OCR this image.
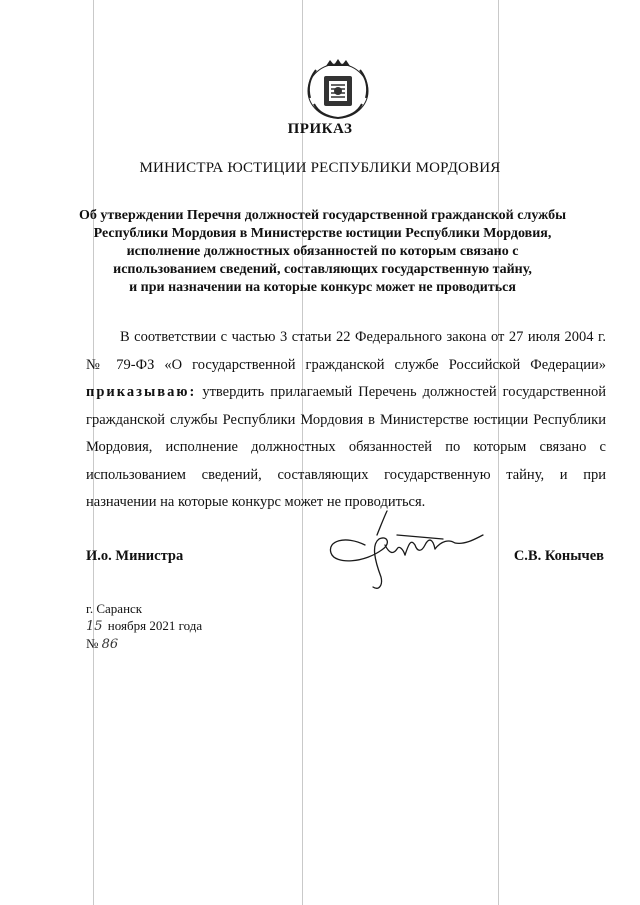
ПРИКАЗ
МИНИСТРА ЮСТИЦИИ РЕСПУБЛИКИ МОРДОВИЯ
Об утверждении Перечня должностей государственной гражданской службы
Республики Мордовия в Министерстве юстиции Республики Мордовия,
исполнение должностных обязанностей по которым связано с
использованием сведений, составляющих государственную тайну,
и при назначении на которые конкурс может не проводиться
В соответствии с частью 3 статьи 22 Федерального закона от 27 июля 2004 г. № 79-ФЗ «О государственной гражданской службе Российской Федерации» приказываю: утвердить прилагаемый Перечень должностей государственной гражданской службы Республики Мордовия в Министерстве юстиции Республики Мордовия, исполнение должностных обязанностей по которым связано с использованием сведений, составляющих государственную тайну, и при назначении на которые конкурс может не проводиться.
И.о. Министра	С.В. Конычев
г. Саранск
15 ноября 2021 года
№ 86
